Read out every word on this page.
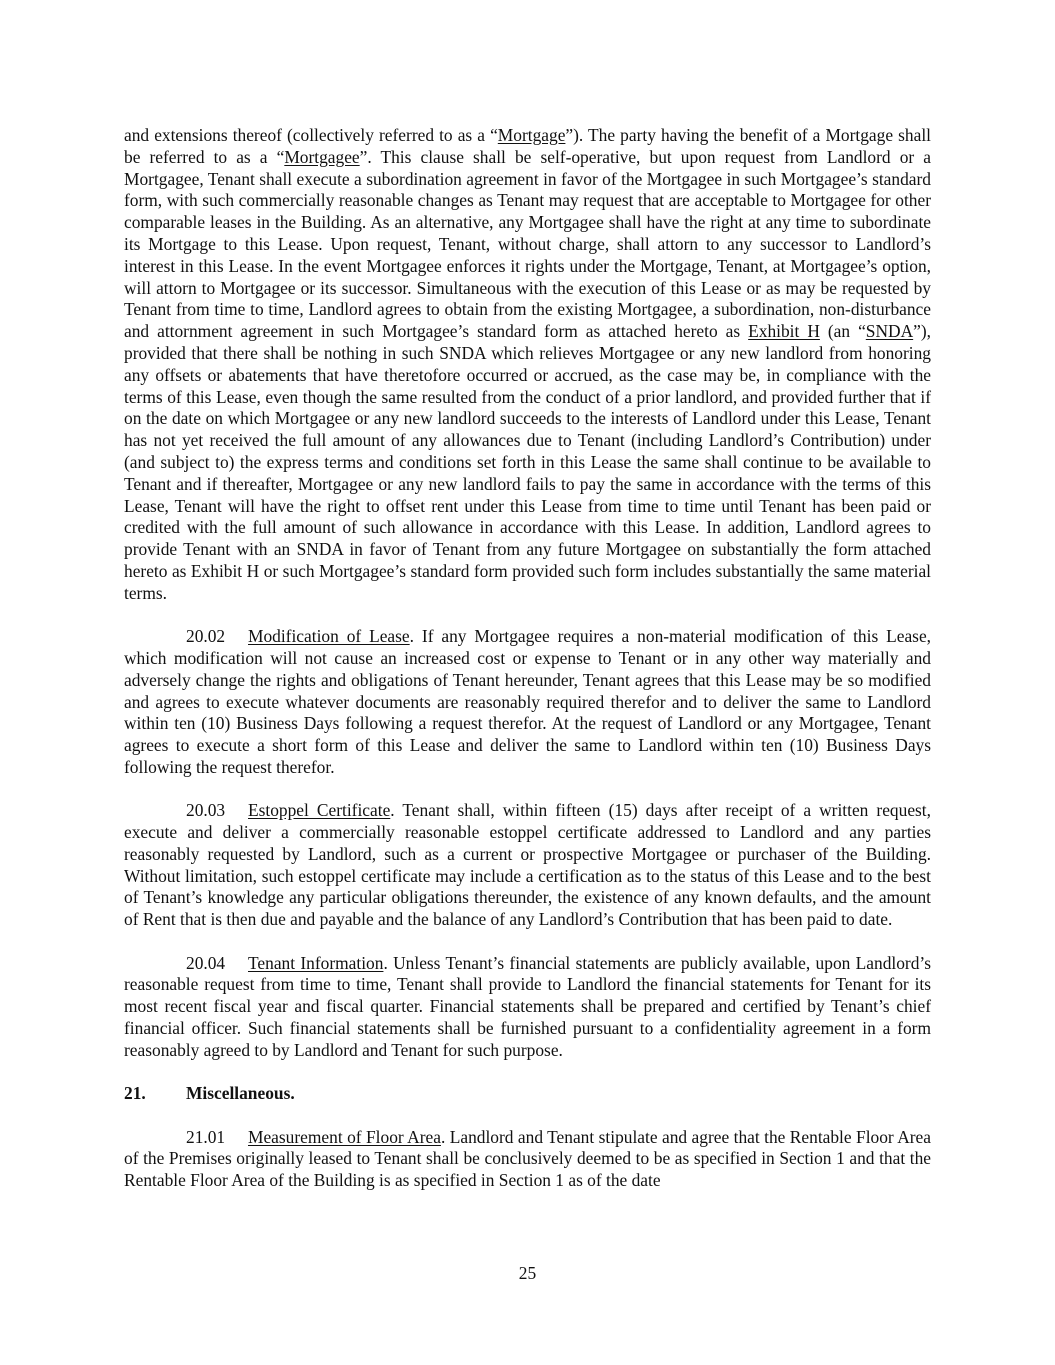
and extensions thereof (collectively referred to as a “Mortgage”). The party having the benefit of a Mortgage shall be referred to as a “Mortgagee”. This clause shall be self-operative, but upon request from Landlord or a Mortgagee, Tenant shall execute a subordination agreement in favor of the Mortgagee in such Mortgagee’s standard form, with such commercially reasonable changes as Tenant may request that are acceptable to Mortgagee for other comparable leases in the Building. As an alternative, any Mortgagee shall have the right at any time to subordinate its Mortgage to this Lease. Upon request, Tenant, without charge, shall attorn to any successor to Landlord’s interest in this Lease. In the event Mortgagee enforces it rights under the Mortgage, Tenant, at Mortgagee’s option, will attorn to Mortgagee or its successor. Simultaneous with the execution of this Lease or as may be requested by Tenant from time to time, Landlord agrees to obtain from the existing Mortgagee, a subordination, non-disturbance and attornment agreement in such Mortgagee’s standard form as attached hereto as Exhibit H (an “SNDA”), provided that there shall be nothing in such SNDA which relieves Mortgagee or any new landlord from honoring any offsets or abatements that have theretofore occurred or accrued, as the case may be, in compliance with the terms of this Lease, even though the same resulted from the conduct of a prior landlord, and provided further that if on the date on which Mortgagee or any new landlord succeeds to the interests of Landlord under this Lease, Tenant has not yet received the full amount of any allowances due to Tenant (including Landlord’s Contribution) under (and subject to) the express terms and conditions set forth in this Lease the same shall continue to be available to Tenant and if thereafter, Mortgagee or any new landlord fails to pay the same in accordance with the terms of this Lease, Tenant will have the right to offset rent under this Lease from time to time until Tenant has been paid or credited with the full amount of such allowance in accordance with this Lease. In addition, Landlord agrees to provide Tenant with an SNDA in favor of Tenant from any future Mortgagee on substantially the form attached hereto as Exhibit H or such Mortgagee’s standard form provided such form includes substantially the same material terms.

20.02 Modification of Lease. If any Mortgagee requires a non-material modification of this Lease, which modification will not cause an increased cost or expense to Tenant or in any other way materially and adversely change the rights and obligations of Tenant hereunder, Tenant agrees that this Lease may be so modified and agrees to execute whatever documents are reasonably required therefor and to deliver the same to Landlord within ten (10) Business Days following a request therefor. At the request of Landlord or any Mortgagee, Tenant agrees to execute a short form of this Lease and deliver the same to Landlord within ten (10) Business Days following the request therefor.

20.03 Estoppel Certificate. Tenant shall, within fifteen (15) days after receipt of a written request, execute and deliver a commercially reasonable estoppel certificate addressed to Landlord and any parties reasonably requested by Landlord, such as a current or prospective Mortgagee or purchaser of the Building. Without limitation, such estoppel certificate may include a certification as to the status of this Lease and to the best of Tenant’s knowledge any particular obligations thereunder, the existence of any known defaults, and the amount of Rent that is then due and payable and the balance of any Landlord’s Contribution that has been paid to date.

20.04 Tenant Information. Unless Tenant’s financial statements are publicly available, upon Landlord’s reasonable request from time to time, Tenant shall provide to Landlord the financial statements for Tenant for its most recent fiscal year and fiscal quarter. Financial statements shall be prepared and certified by Tenant’s chief financial officer. Such financial statements shall be furnished pursuant to a confidentiality agreement in a form reasonably agreed to by Landlord and Tenant for such purpose.

21. Miscellaneous.

21.01 Measurement of Floor Area. Landlord and Tenant stipulate and agree that the Rentable Floor Area of the Premises originally leased to Tenant shall be conclusively deemed to be as specified in Section 1 and that the Rentable Floor Area of the Building is as specified in Section 1 as of the date

25
